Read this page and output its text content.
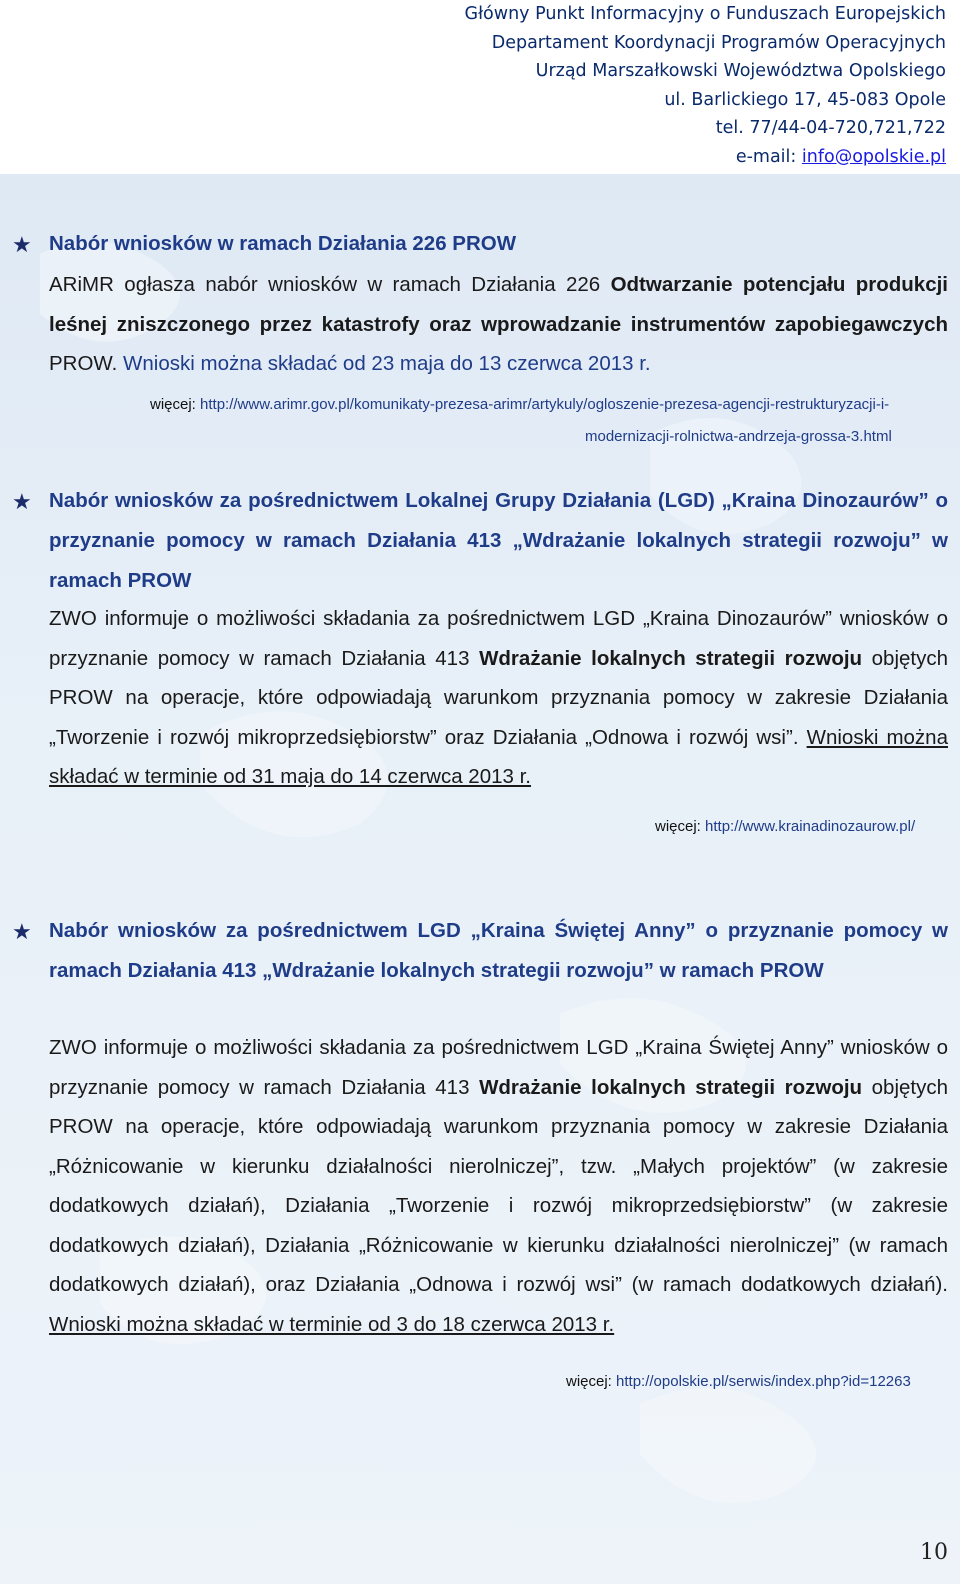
Główny Punkt Informacyjny o Funduszach Europejskich
Departament Koordynacji Programów Operacyjnych
Urząd Marszałkowski Województwa Opolskiego
ul. Barlickiego 17, 45-083 Opole
tel. 77/44-04-720,721,722
e-mail: info@opolskie.pl
★ Nabór wniosków w ramach Działania 226 PROW
ARiMR ogłasza nabór wniosków w ramach Działania 226 Odtwarzanie potencjału produkcji leśnej zniszczonego przez katastrofy oraz wprowadzanie instrumentów zapobiegawczych PROW. Wnioski można składać od 23 maja do 13 czerwca 2013 r.
więcej: http://www.arimr.gov.pl/komunikaty-prezesa-arimr/artykuly/ogloszenie-prezesa-agencji-restrukturyzacji-i-
modernizacji-rolnictwa-andrzeja-grossa-3.html
★ Nabór wniosków za pośrednictwem Lokalnej Grupy Działania (LGD) „Kraina Dinozaurów” o przyznanie pomocy w ramach Działania 413 „Wdrażanie lokalnych strategii rozwoju” w ramach PROW
ZWO informuje o możliwości składania za pośrednictwem LGD „Kraina Dinozaurów” wniosków o przyznanie pomocy w ramach Działania 413 Wdrażanie lokalnych strategii rozwoju objętych PROW na operacje, które odpowiadają warunkom przyznania pomocy w zakresie Działania „Tworzenie i rozwój mikroprzedsiębiorstw” oraz Działania „Odnowa i rozwój wsi”. Wnioski można składać w terminie od 31 maja do 14 czerwca 2013 r.
więcej: http://www.krainadinozaurow.pl/
★ Nabór wniosków za pośrednictwem LGD „Kraina Świętej Anny” o przyznanie pomocy w ramach Działania 413 „Wdrażanie lokalnych strategii rozwoju” w ramach PROW
ZWO informuje o możliwości składania za pośrednictwem LGD „Kraina Świętej Anny” wniosków o przyznanie pomocy w ramach Działania 413 Wdrażanie lokalnych strategii rozwoju objętych PROW na operacje, które odpowiadają warunkom przyznania pomocy w zakresie Działania „Różnicowanie w kierunku działalności nierolniczej”, tzw. „Małych projektów” (w zakresie dodatkowych działań), Działania „Tworzenie i rozwój mikroprzedsiębiorstw” (w zakresie dodatkowych działań), Działania „Różnicowanie w kierunku działalności nierolniczej” (w ramach dodatkowych działań), oraz Działania „Odnowa i rozwój wsi” (w ramach dodatkowych działań). Wnioski można składać w terminie od 3 do 18 czerwca 2013 r.
więcej: http://opolskie.pl/serwis/index.php?id=12263
10
